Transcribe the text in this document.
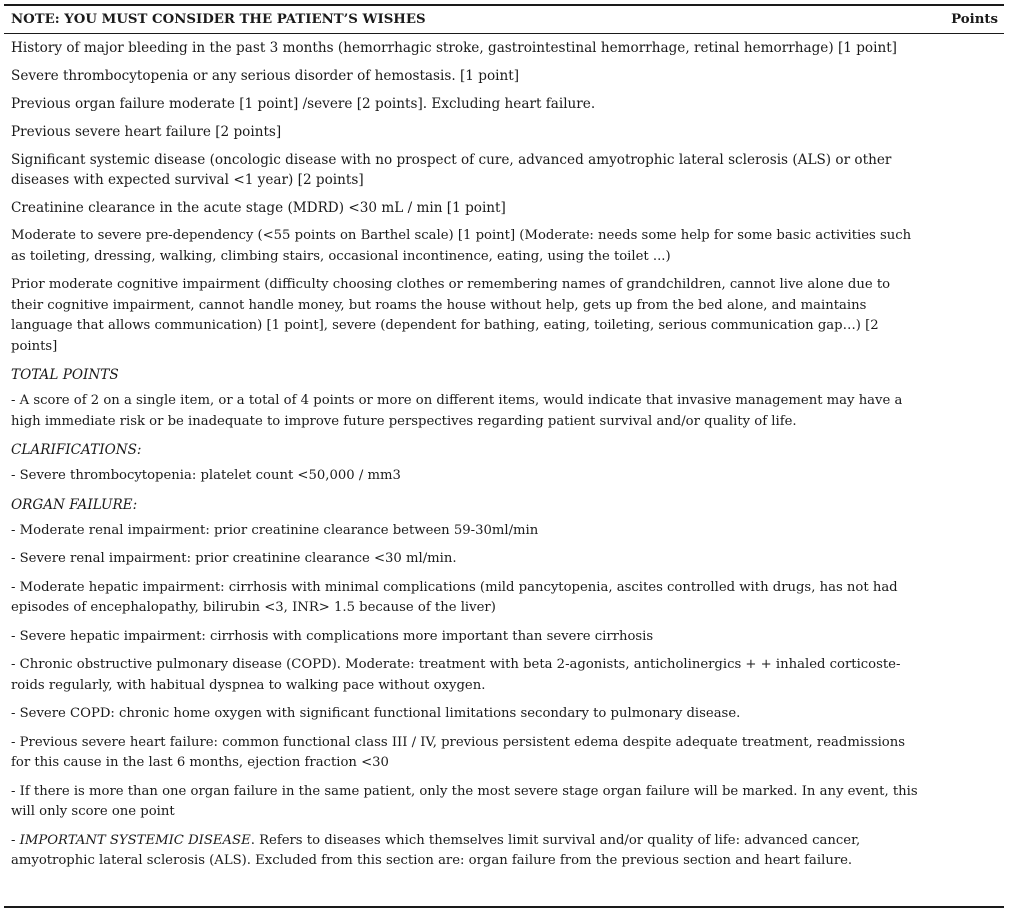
NOTE: YOU MUST CONSIDER THE PATIENT’S WISHES	Points
History of major bleeding in the past 3 months (hemorrhagic stroke, gastrointestinal hemorrhage, retinal hemorrhage) [1 point]
Severe thrombocytopenia or any serious disorder of hemostasis. [1 point]
Previous organ failure moderate [1 point] /severe [2 points]. Excluding heart failure.
Previous severe heart failure [2 points]
Significant systemic disease (oncologic disease with no prospect of cure, advanced amyotrophic lateral sclerosis (ALS) or other diseases with expected survival <1 year) [2 points]
Creatinine clearance in the acute stage (MDRD) <30 mL / min [1 point]
Moderate to severe pre-dependency (<55 points on Barthel scale) [1 point] (Moderate: needs some help for some basic activities such as toileting, dressing, walking, climbing stairs, occasional incontinence, eating, using the toilet ...)
Prior moderate cognitive impairment (difficulty choosing clothes or remembering names of grandchildren, cannot live alone due to their cognitive impairment, cannot handle money, but roams the house without help, gets up from the bed alone, and maintains language that allows communication) [1 point], severe (dependent for bathing, eating, toileting, serious communication gap…) [2 points]
TOTAL POINTS
- A score of 2 on a single item, or a total of 4 points or more on different items, would indicate that invasive management may have a high immediate risk or be inadequate to improve future perspectives regarding patient survival and/or quality of life.
CLARIFICATIONS:
- Severe thrombocytopenia: platelet count <50,000 / mm3
ORGAN FAILURE:
- Moderate renal impairment: prior creatinine clearance between 59-30ml/min
- Severe renal impairment: prior creatinine clearance <30 ml/min.
- Moderate hepatic impairment: cirrhosis with minimal complications (mild pancytopenia, ascites controlled with drugs, has not had episodes of encephalopathy, bilirubin <3, INR> 1.5 because of the liver)
- Severe hepatic impairment: cirrhosis with complications more important than severe cirrhosis
- Chronic obstructive pulmonary disease (COPD). Moderate: treatment with beta 2-agonists, anticholinergics + + inhaled corticoste-roids regularly, with habitual dyspnea to walking pace without oxygen.
- Severe COPD: chronic home oxygen with significant functional limitations secondary to pulmonary disease.
- Previous severe heart failure: common functional class III / IV, previous persistent edema despite adequate treatment, readmissions for this cause in the last 6 months, ejection fraction <30
- If there is more than one organ failure in the same patient, only the most severe stage organ failure will be marked. In any event, this will only score one point
- IMPORTANT SYSTEMIC DISEASE. Refers to diseases which themselves limit survival and/or quality of life: advanced cancer, amyotrophic lateral sclerosis (ALS). Excluded from this section are: organ failure from the previous section and heart failure.
